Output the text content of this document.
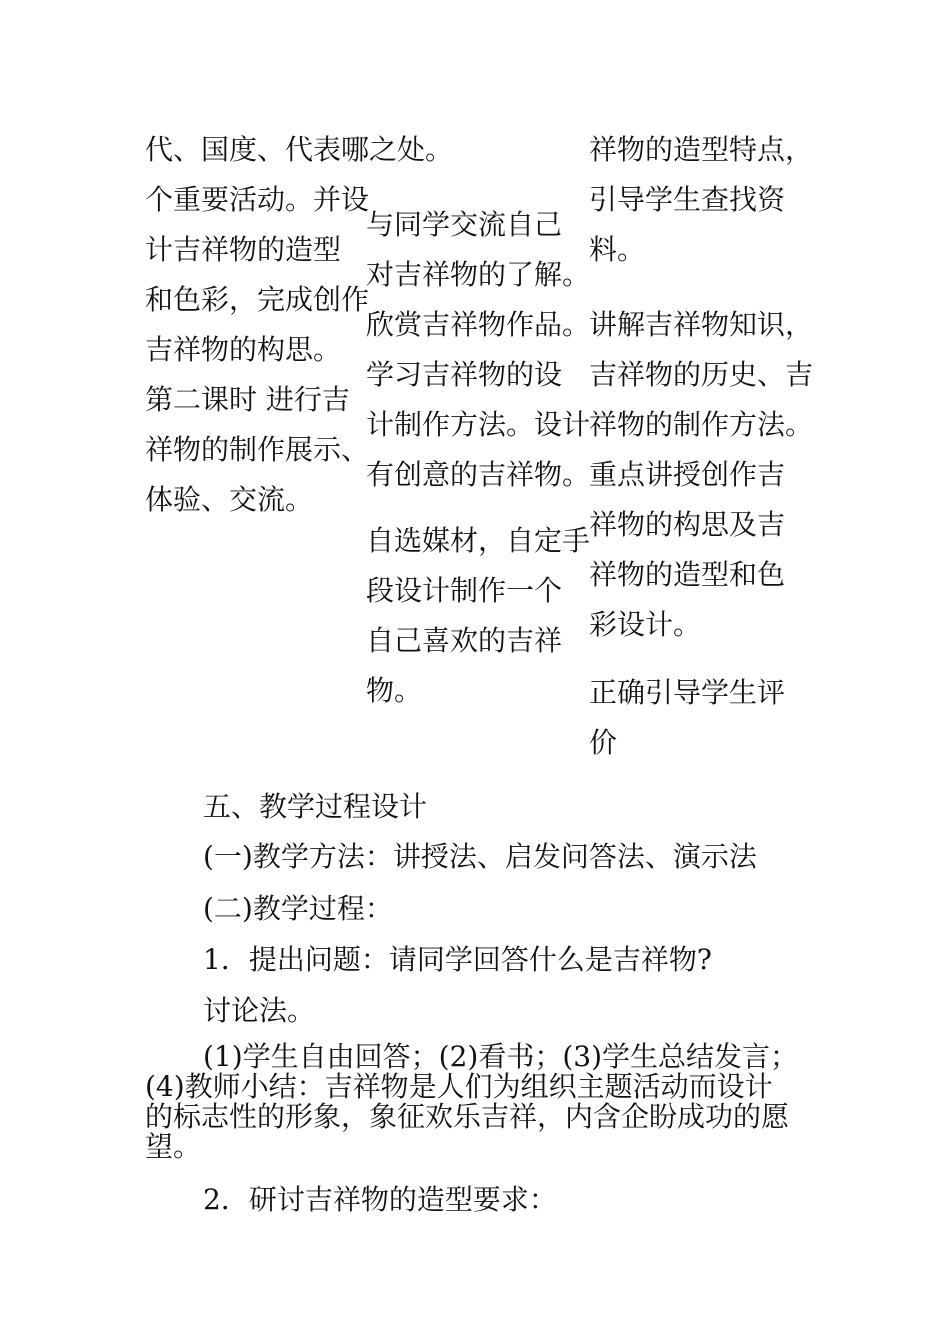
代、国度、代表哪之处。
个重要活动。并设
计吉祥物的造型
和色彩，完成创作
吉祥物的构思。
第二课时 进行吉
祥物的制作展示、
体验、交流。
与同学交流自己
对吉祥物的了解。
欣赏吉祥物作品。
学习吉祥物的设
计制作方法。设计
有创意的吉祥物。
自选媒材，自定手
段设计制作一个
自己喜欢的吉祥
物。
祥物的造型特点，
引导学生查找资
料。
讲解吉祥物知识，
吉祥物的历史、吉
祥物的制作方法。
重点讲授创作吉
祥物的构思及吉
祥物的造型和色
彩设计。
正确引导学生评
价
五、教学过程设计
(一)教学方法：讲授法、启发问答法、演示法
(二)教学过程：
1．提出问题：请同学回答什么是吉祥物?
讨论法。
(1)学生自由回答；(2)看书；(3)学生总结发言；
(4)教师小结：吉祥物是人们为组织主题活动而设计
的标志性的形象，象征欢乐吉祥，内含企盼成功的愿
望。
2．研讨吉祥物的造型要求：
